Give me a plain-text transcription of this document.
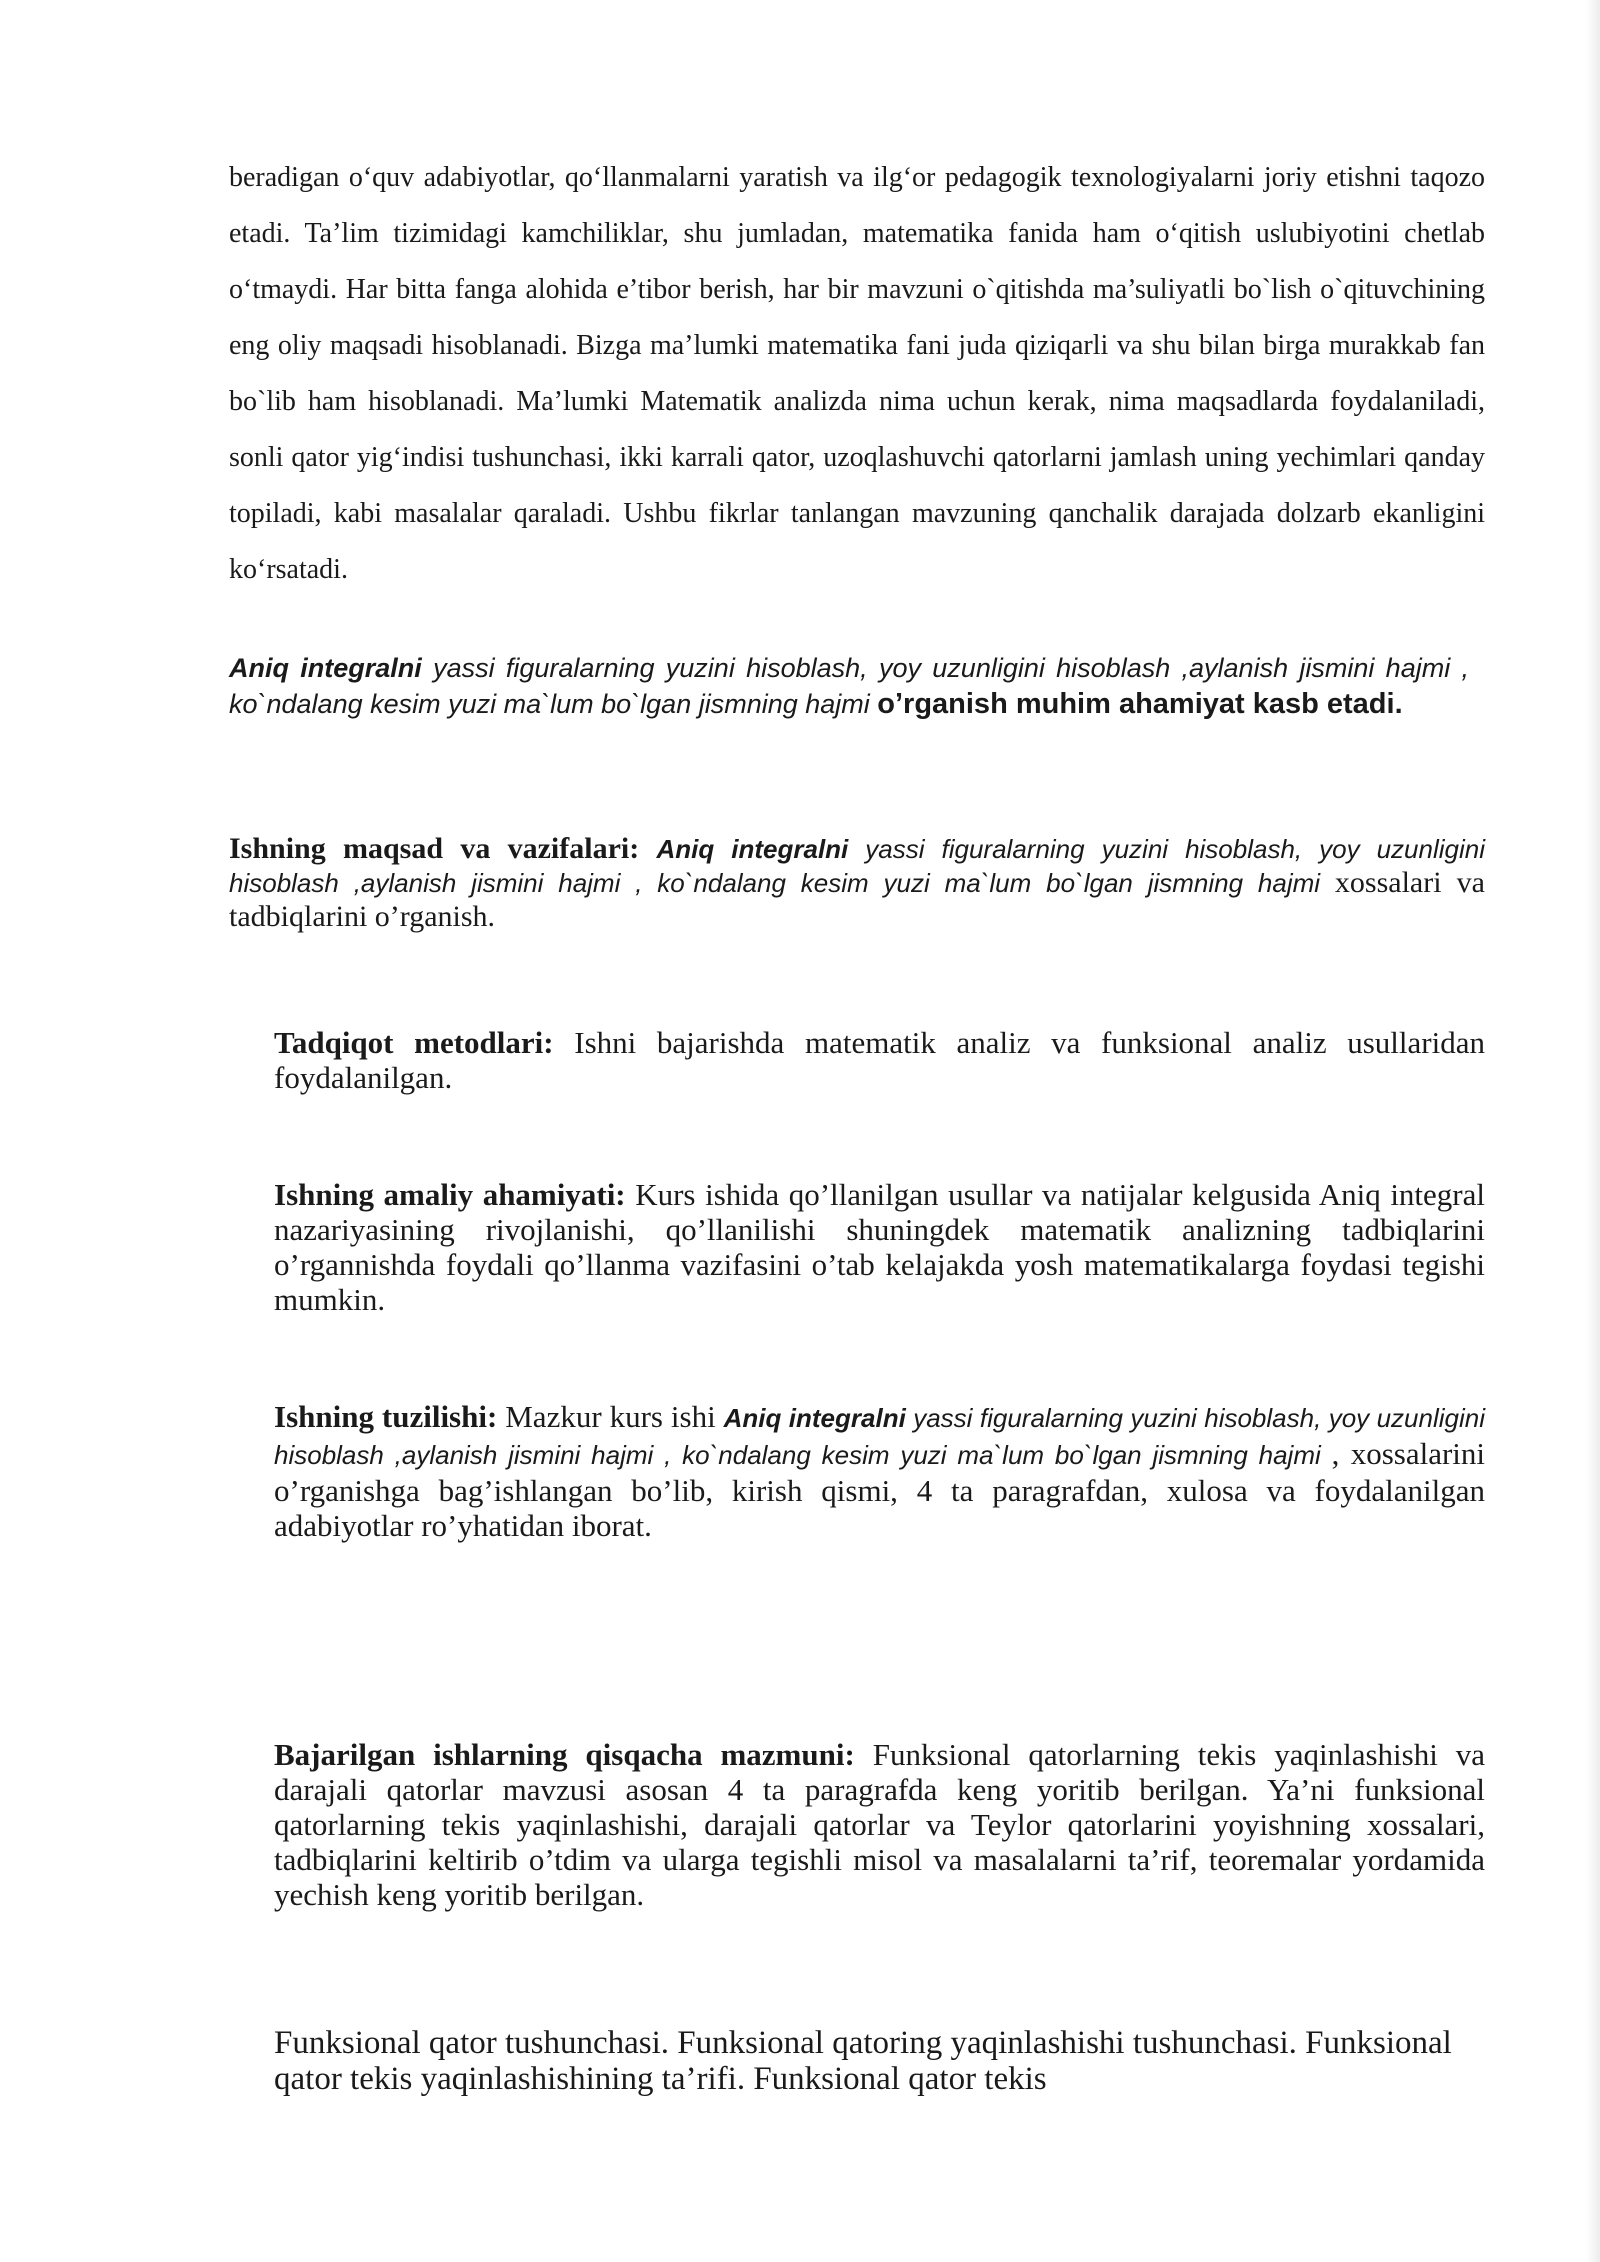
beradigan o‘quv adabiyotlar, qo‘llanmalarni yaratish va ilg‘or pedagogik texnologiyalarni joriy etishni taqozo etadi. Ta’lim tizimidagi kamchiliklar, shu jumladan, matematika fanida ham o‘qitish uslubiyotini chetlab o‘tmaydi. Har bitta fanga alohida e’tibor berish, har bir mavzuni o`qitishda ma’suliyatli bo`lish o`qituvchining eng oliy maqsadi hisoblanadi. Bizga ma’lumki matematika fani juda qiziqarli va shu bilan birga murakkab fan bo`lib ham hisoblanadi. Ma’lumki Matematik analizda nima uchun kerak, nima maqsadlarda foydalaniladi, sonli qator yig‘indisi tushunchasi, ikki karrali qator, uzoqlashuvchi qatorlarni jamlash uning yechimlari qanday topiladi, kabi masalalar qaraladi. Ushbu fikrlar tanlangan mavzuning qanchalik darajada dolzarb ekanligini ko‘rsatadi.

Aniq integralni yassi figuralarning yuzini hisoblash, yoy uzunligini hisoblash ,aylanish jismini hajmi , ko`ndalang kesim yuzi ma`lum bo`lgan jismning hajmi o’rganish muhim ahamiyat kasb etadi.

Ishning maqsad va vazifalari: Aniq integralni yassi figuralarning yuzini hisoblash, yoy uzunligini hisoblash ,aylanish jismini hajmi , ko`ndalang kesim yuzi ma`lum bo`lgan jismning hajmi xossalari va tadbiqlarini o’rganish.

Tadqiqot metodlari: Ishni bajarishda matematik analiz va funksional analiz usullaridan foydalanilgan.

Ishning amaliy ahamiyati: Kurs ishida qo’llanilgan usullar va natijalar kelgusida Aniq integral nazariyasining rivojlanishi, qo’llanilishi shuningdek matematik analizning tadbiqlarini o’rgannishda foydali qo’llanma vazifasini o’tab kelajakda yosh matematikalarga foydasi tegishi mumkin.

Ishning tuzilishi: Mazkur kurs ishi Aniq integralni yassi figuralarning yuzini hisoblash, yoy uzunligini hisoblash ,aylanish jismini hajmi , ko`ndalang kesim yuzi ma`lum bo`lgan jismning hajmi , xossalarini o’rganishga bag’ishlangan bo’lib, kirish qismi, 4 ta paragrafdan, xulosa va foydalanilgan adabiyotlar ro’yhatidan iborat.

Bajarilgan ishlarning qisqacha mazmuni: Funksional qatorlarning tekis yaqinlashishi va darajali qatorlar mavzusi asosan 4 ta paragrafda keng yoritib berilgan. Ya’ni funksional qatorlarning tekis yaqinlashishi, darajali qatorlar va Teylor qatorlarini yoyishning xossalari, tadbiqlarini keltirib o’tdim va ularga tegishli misol va masalalarni ta’rif, teoremalar yordamida yechish keng yoritib berilgan.

Funksional qator tushunchasi. Funksional qatoring yaqinlashishi tushunchasi. Funksional qator tekis yaqinlashishining ta’rifi. Funksional qator tekis
